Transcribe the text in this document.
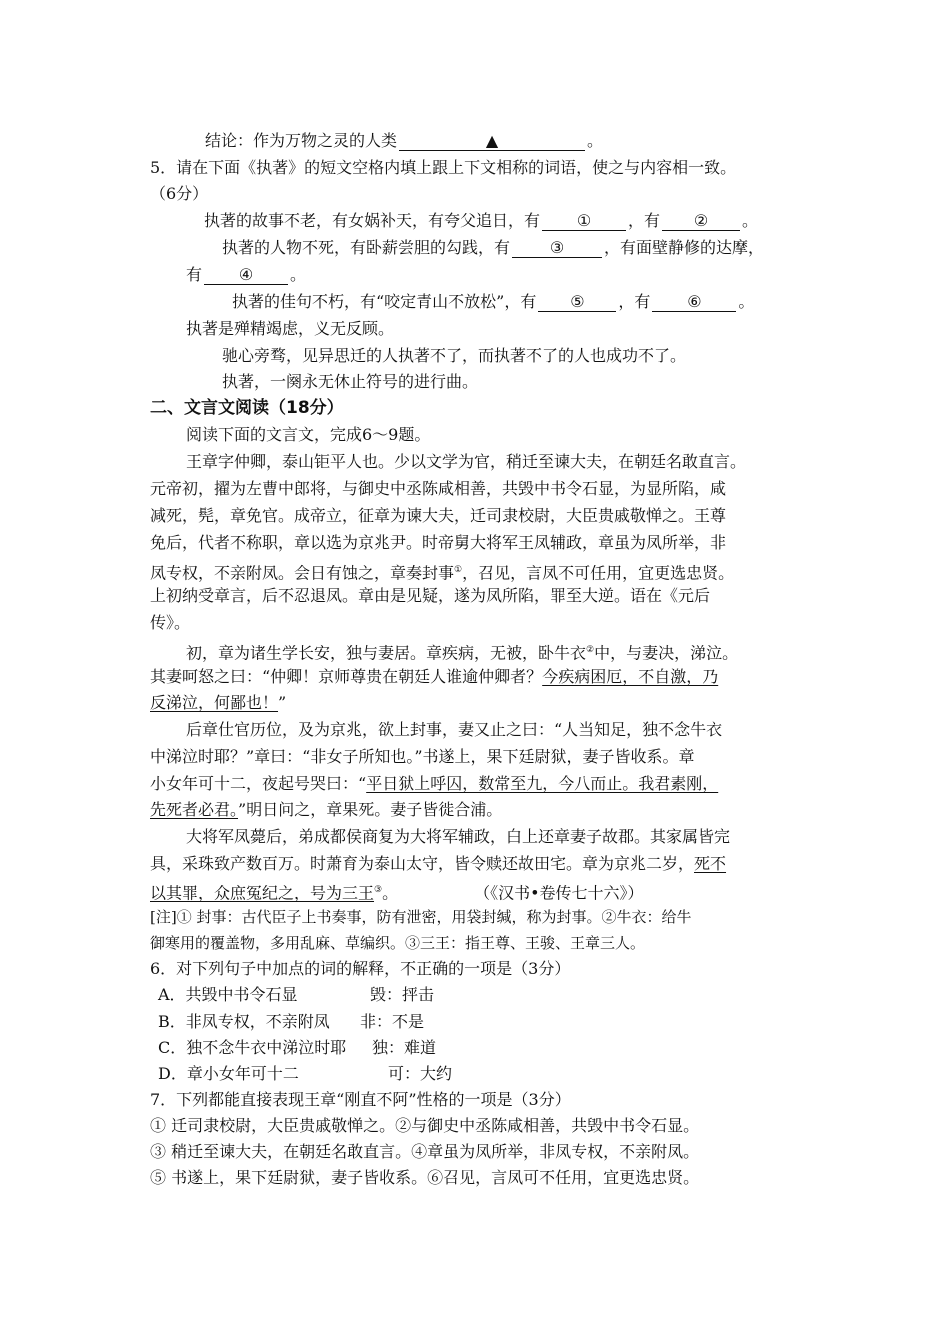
结论：作为万物之灵的人类	▲	。
5．请在下面《执著》的短文空格内填上跟上下文相称的词语，使之与内容相一致。
（6分）
执著的故事不老，有女娲补天，有夸父追日，有 ① ，有 ② 。
执著的人物不死，有卧薪尝胆的勾践，有 ③ ，有面壁静修的达摩，
有 ④ 。
执著的佳句不朽，有“咬定青山不放松”，有 ⑤ ，有 ⑥ 。
执著是殚精竭虑，义无反顾。
驰心旁骛，见异思迁的人执著不了，而执著不了的人也成功不了。
执著，一阕永无休止符号的进行曲。
二、文言文阅读（18分）
阅读下面的文言文，完成6～9题。
王章字仲卿，泰山钜平人也。少以文学为官，稍迁至谏大夫，在朝廷名敢直言。
元帝初，擢为左曹中郎将，与御史中丞陈咸相善，共毁中书令石显，为显所陷，咸
减死，髡，章免官。成帝立，征章为谏大夫，迁司隶校尉，大臣贵戚敬惮之。王尊
免后，代者不称职，章以选为京兆尹。时帝舅大将军王凤辅政，章虽为凤所举，非
凤专权，不亲附凤。会日有蚀之，章奏封事①，召见，言凤不可任用，宜更选忠贤。
上初纳受章言，后不忍退凤。章由是见疑，遂为凤所陷，罪至大逆。语在《元后
传》。
初，章为诸生学长安，独与妻居。章疾病，无被，卧牛衣②中，与妻决，涕泣。
其妻呵怒之曰：“仲卿！京师尊贵在朝廷人谁逾仲卿者？今疾病困厄，不自激，乃
反涕泣，何鄙也！”
后章仕官历位，及为京兆，欲上封事，妻又止之曰：“人当知足，独不念牛衣
中涕泣时耶？”章曰：“非女子所知也。”书遂上，果下廷尉狱，妻子皆收系。章
小女年可十二，夜起号哭曰：“平日狱上呼囚，数常至九，今八而止。我君素刚，
先死者必君。”明日问之，章果死。妻子皆徙合浦。
大将军凤薨后，弟成都侯商复为大将军辅政，白上还章妻子故郡。其家属皆完
具，采珠致产数百万。时萧育为泰山太守，皆令赎还故田宅。章为京兆二岁，死不
以其罪，众庶冤纪之，号为三王③。	（《汉书•卷传七十六》）
[注]① 封事：古代臣子上书奏事，防有泄密，用袋封缄，称为封事。②牛衣：给牛
御寒用的覆盖物，多用乱麻、草编织。③三王：指王尊、王骏、王章三人。
6．对下列句子中加点的词的解释，不正确的一项是（3分）
A．共毁中书令石显	毁：抨击
B．非凤专权，不亲附凤 非：不是
C．独不念牛衣中涕泣时耶 独：难道
D．章小女年可十二	可：大约
7．下列都能直接表现王章“刚直不阿”性格的一项是（3分）
① 迁司隶校尉，大臣贵戚敬惮之。②与御史中丞陈咸相善，共毁中书令石显。
③ 稍迁至谏大夫，在朝廷名敢直言。④章虽为凤所举，非凤专权，不亲附凤。
⑤ 书遂上，果下廷尉狱，妻子皆收系。⑥召见，言凤可不任用，宜更选忠贤。
